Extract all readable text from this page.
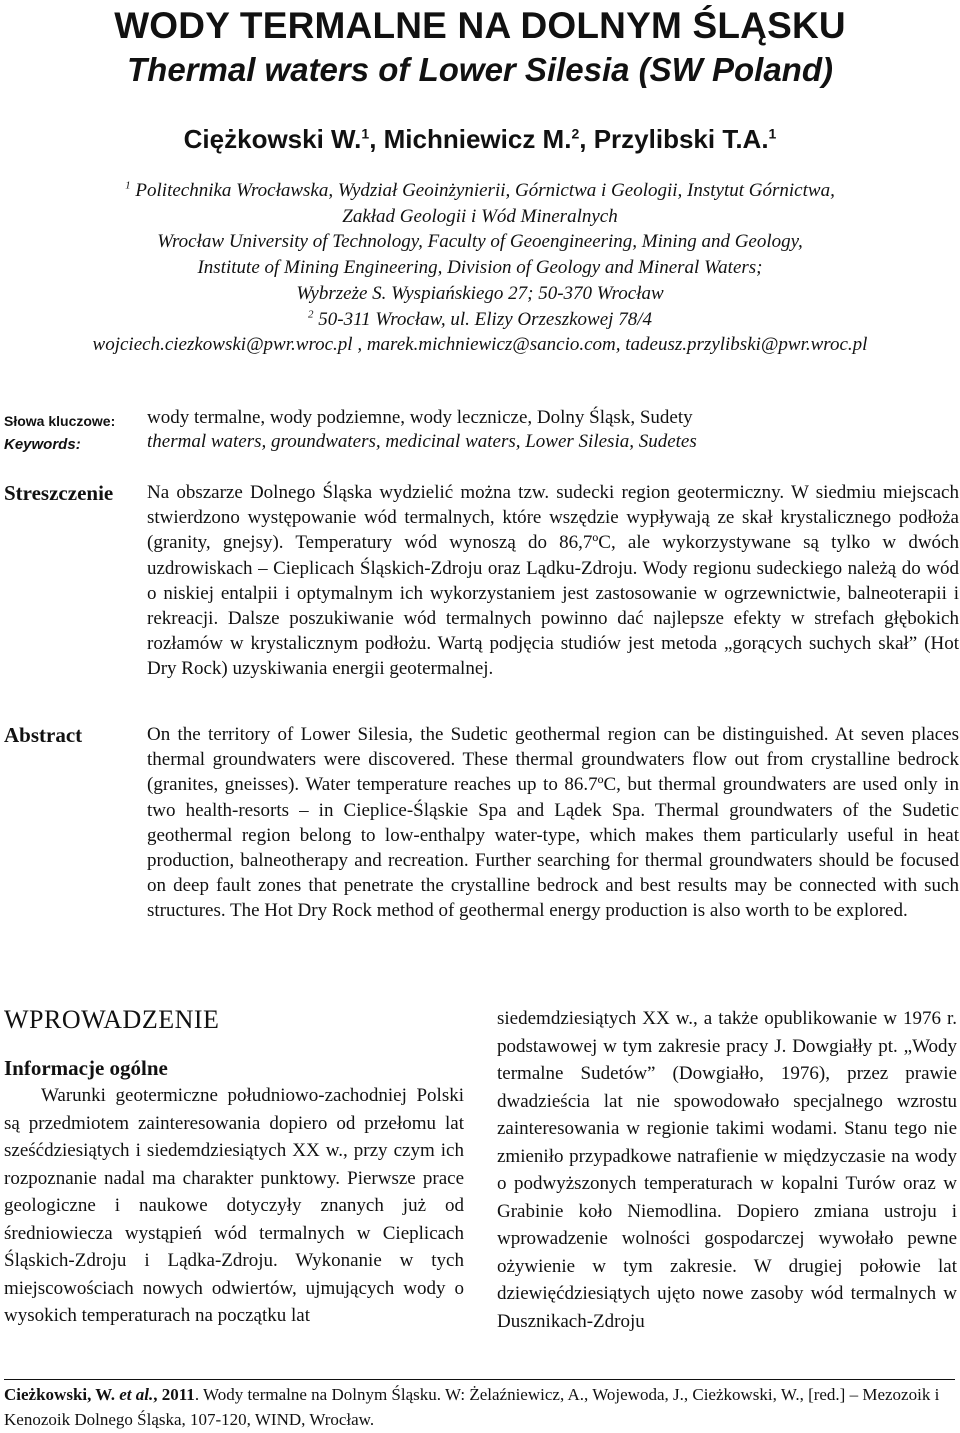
WODY TERMALNE NA DOLNYM ŚLĄSKU
Thermal waters of Lower Silesia (SW Poland)
Ciężkowski W.$^1$, Michniewicz M.$^2$, Przylibski T.A.$^1$
$^1$ Politechnika Wrocławska, Wydział Geoinżynierii, Górnictwa i Geologii, Instytut Górnictwa,
Zakład Geologii i Wód Mineralnych
Wrocław University of Technology, Faculty of Geoengineering, Mining and Geology,
Institute of Mining Engineering, Division of Geology and Mineral Waters;
Wybrzeże S. Wyspiańskiego 27; 50-370 Wrocław
$^2$ 50-311 Wrocław, ul. Elizy Orzeszkowej 78/4
wojciech.ciezkowski@pwr.wroc.pl , marek.michniewicz@sancio.com, tadeusz.przylibski@pwr.wroc.pl
Słowa kluczowe: wody termalne, wody podziemne, wody lecznicze, Dolny Śląsk, Sudety
Keywords:	thermal waters, groundwaters, medicinal waters, Lower Silesia, Sudetes
Streszczenie Na obszarze Dolnego Śląska wydzielić można tzw. sudecki region geotermiczny. W siedmiu miejscach stwierdzono występowanie wód termalnych, które wszędzie wypływają ze skał krystalicznego podłoża (granity, gnejsy). Temperatury wód wynoszą do 86,7ºC, ale wykorzystywane są tylko w dwóch uzdrowiskach – Cieplicach Śląskich-Zdroju oraz Lądku-Zdroju. Wody regionu sudeckiego należą do wód o niskiej entalpii i optymalnym ich wykorzystaniem jest zastosowanie w ogrzewnictwie, balneoterapii i rekreacji. Dalsze poszukiwanie wód termalnych powinno dać najlepsze efekty w strefach głębokich rozłamów w krystalicznym podłożu. Wartą podjęcia studiów jest metoda „gorących suchych skał” (Hot Dry Rock) uzyskiwania energii geotermalnej.
Abstract	On the territory of Lower Silesia, the Sudetic geothermal region can be distinguished. At seven places thermal groundwaters were discovered. These thermal groundwaters flow out from crystalline bedrock (granites, gneisses). Water temperature reaches up to 86.7ºC, but thermal groundwaters are used only in two health-resorts – in Cieplice-Śląskie Spa and Lądek Spa. Thermal groundwaters of the Sudetic geothermal region belong to low-enthalpy water-type, which makes them particularly useful in heat production, balneotherapy and recreation. Further searching for thermal groundwaters should be focused on deep fault zones that penetrate the crystalline bedrock and best results may be connected with such structures. The Hot Dry Rock method of geothermal energy production is also worth to be explored.
WPROWADZENIE
Informacje ogólne

Warunki geotermiczne południowo-zachodniej Polski są przedmiotem zainteresowania dopiero od przełomu lat sześćdziesiątych i siedemdziesiątych XX w., przy czym ich rozpoznanie nadal ma charakter punktowy. Pierwsze prace geologiczne i naukowe dotyczyły znanych już od średniowiecza wystąpień wód termalnych w Cieplicach Śląskich-Zdroju i Lądka-Zdroju. Wykonanie w tych miejscowościach nowych odwiertów, ujmujących wody o wysokich temperaturach na początku lat

siedemdziesiątych XX w., a także opublikowanie w 1976 r. podstawowej w tym zakresie pracy J. Dowgiałły pt. „Wody termalne Sudetów” (Dowgiałło, 1976), przez prawie dwadzieścia lat nie spowodowało specjalnego wzrostu zainteresowania w regionie takimi wodami. Stanu tego nie zmieniło przypadkowe natrafienie w międzyczasie na wody o podwyższonych temperaturach w kopalni Turów oraz w Grabinie koło Niemodlina. Dopiero zmiana ustroju i wprowadzenie wolności gospodarczej wywołało pewne ożywienie w tym zakresie. W drugiej połowie lat dziewięćdziesiątych ujęto nowe zasoby wód termalnych w Dusznikach-Zdroju

Cieżkowski, W. et al., 2011. Wody termalne na Dolnym Śląsku. W: Żelaźniewicz, A., Wojewoda, J., Cieżkowski, W., [red.] – Mezozoik i Kenozoik Dolnego Śląska, 107-120, WIND, Wrocław.
